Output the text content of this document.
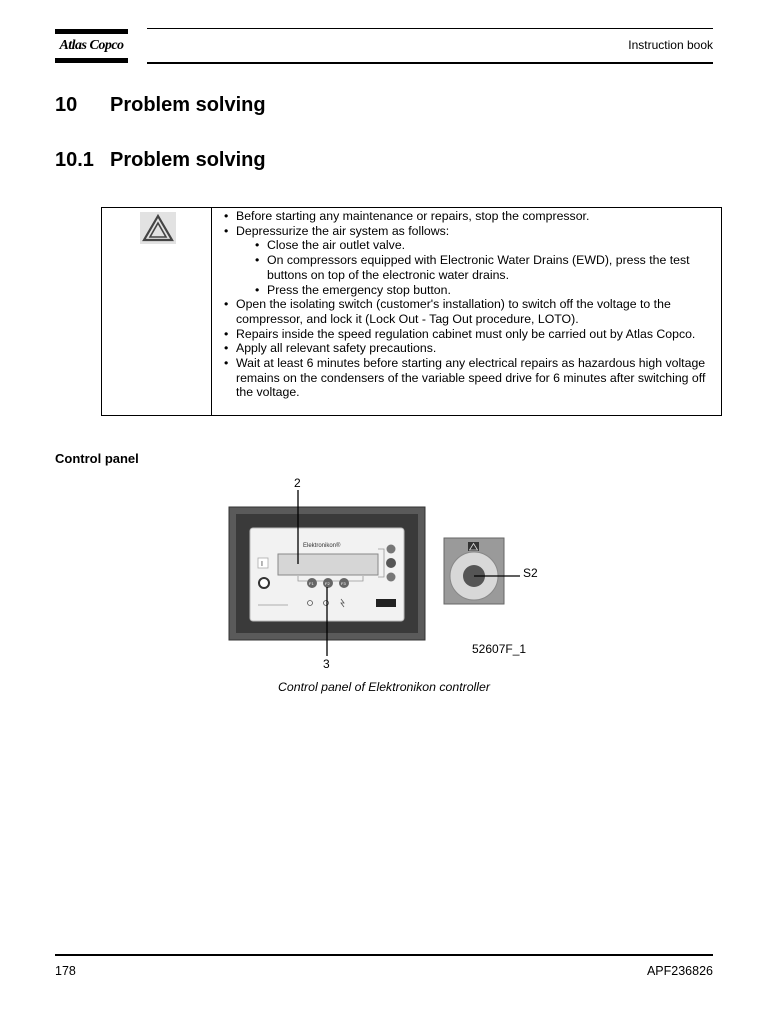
Atlas Copco	Instruction book
10 Problem solving
10.1 Problem solving
• Before starting any maintenance or repairs, stop the compressor.
• Depressurize the air system as follows:
• Close the air outlet valve.
• On compressors equipped with Electronic Water Drains (EWD), press the test buttons on top of the electronic water drains.
• Press the emergency stop button.
• Open the isolating switch (customer's installation) to switch off the voltage to the compressor, and lock it (Lock Out - Tag Out procedure, LOTO).
• Repairs inside the speed regulation cabinet must only be carried out by Atlas Copco.
• Apply all relevant safety precautions.
• Wait at least 6 minutes before starting any electrical repairs as hazardous high voltage remains on the condensers of the variable speed drive for 6 minutes after switching off the voltage.
Control panel
Elektronikon®
I
F1	F2	F3
2
3
S2
52607F_1
Control panel of Elektronikon controller
178	APF236826
